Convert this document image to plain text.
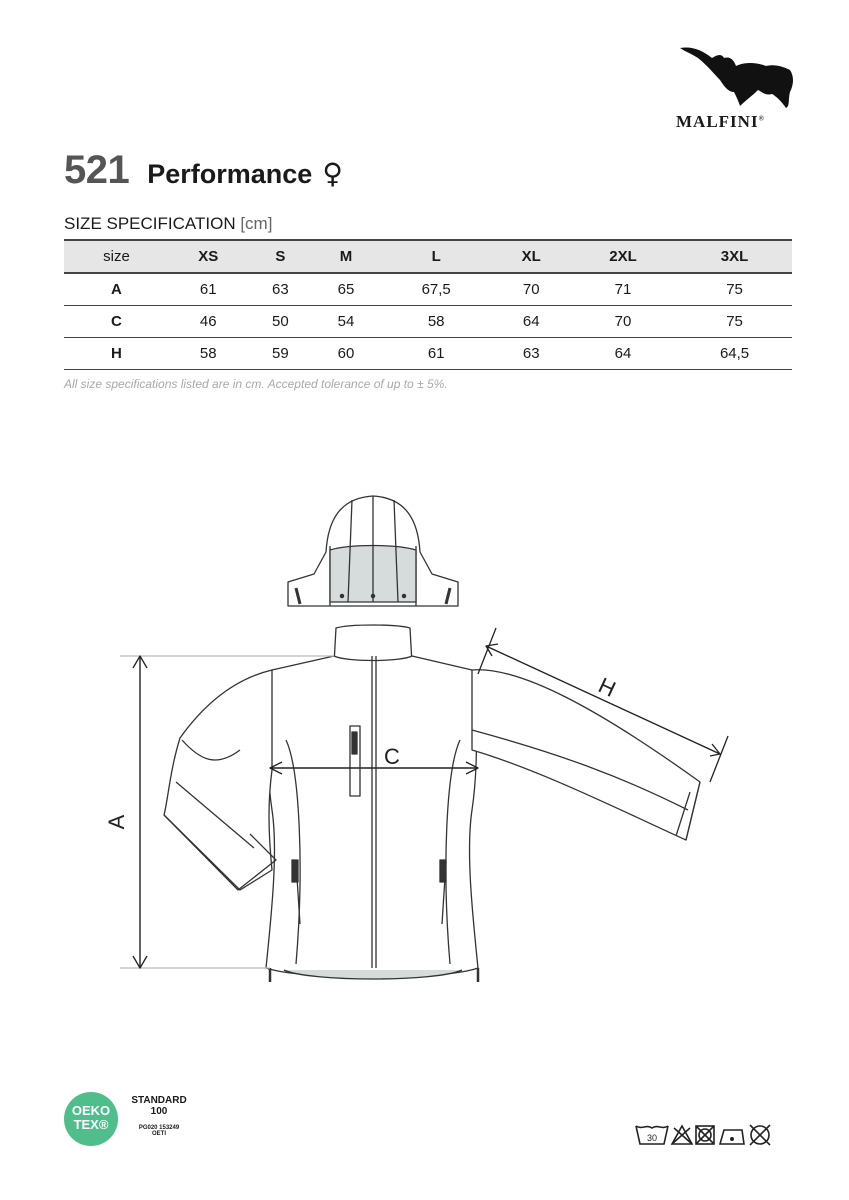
MALFINI®
521 Performance ♀
SIZE SPECIFICATION [cm]
size	XS	S	M	L	XL	2XL	3XL
A	61	63	65	67,5	70	71	75
C	46	50	54	58	64	70	75
H	58	59	60	61	63	64	64,5
All size specifications listed are in cm. Accepted tolerance of up to ± 5%.
A
C
H
OEKO
TEX®
STANDARD
100
PG020 153249
OETI	30
